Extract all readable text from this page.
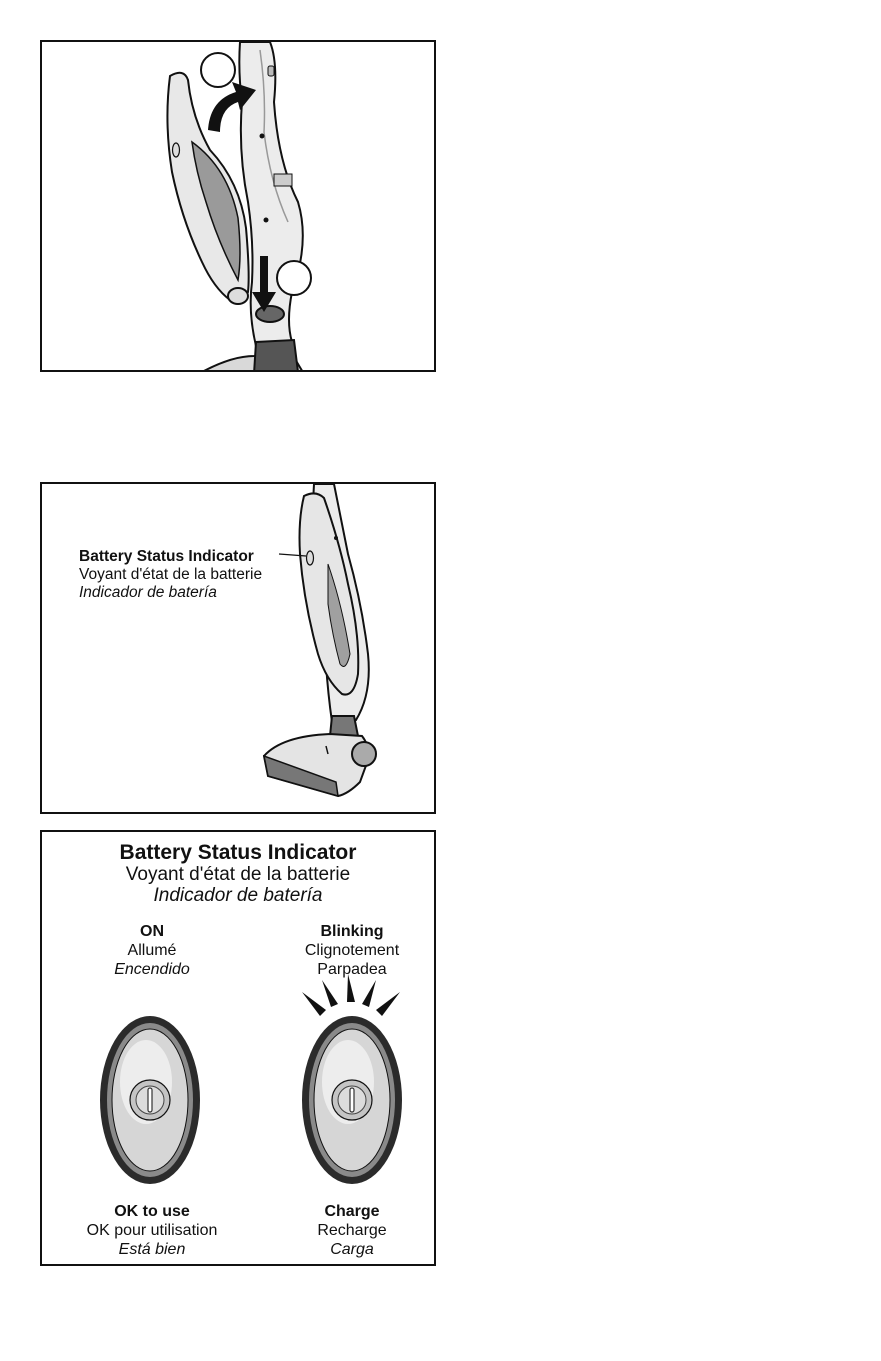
Battery Status Indicator
Voyant d'état de la batterie
Indicador de batería
Battery Status Indicator
Voyant d'état de la batterie
Indicador de batería
ON
Allumé
Encendido
Blinking
Clignotement
Parpadea
OK to use
OK pour utilisation
Está bien
Charge
Recharge
Carga
